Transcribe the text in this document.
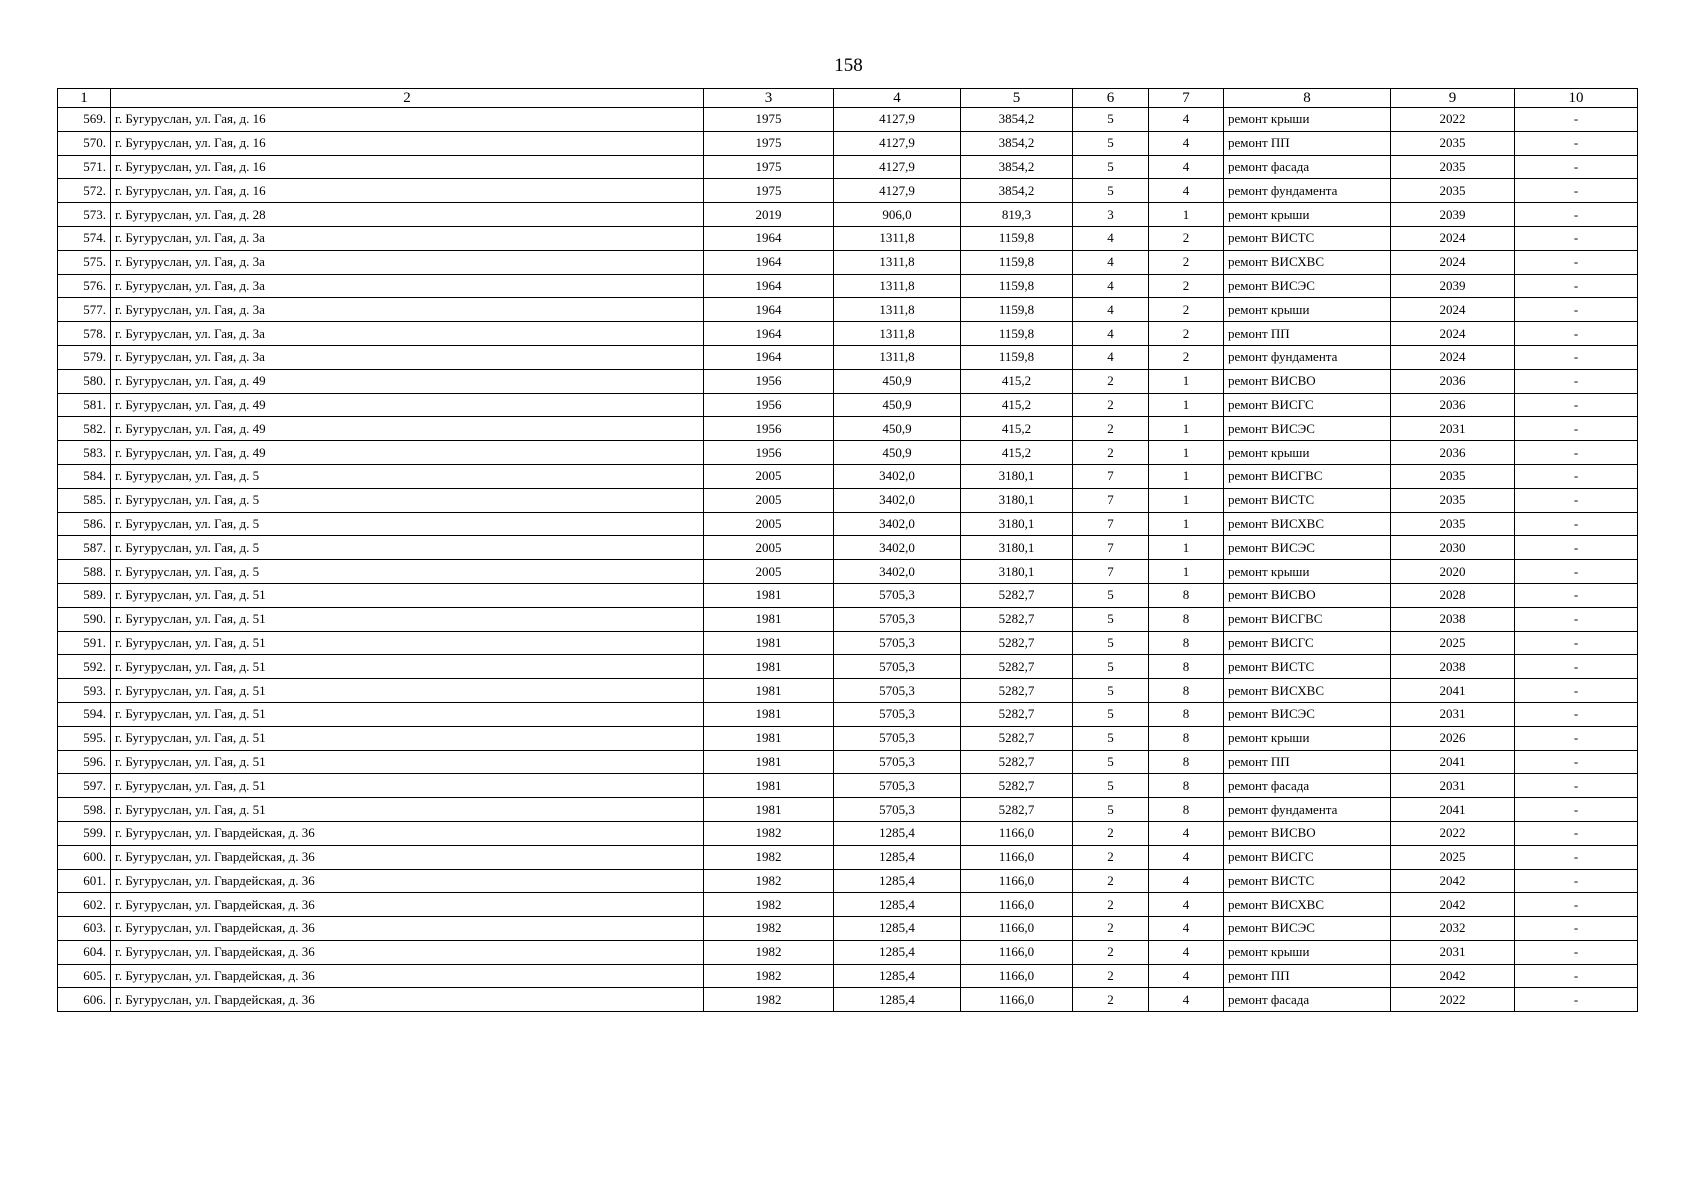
158
1	2	3	4	5	6	7	8	9	10
569.	г. Бугуруслан, ул. Гая, д. 16	1975	4127,9	3854,2	5	4	ремонт крыши	2022	-
570.	г. Бугуруслан, ул. Гая, д. 16	1975	4127,9	3854,2	5	4	ремонт ПП	2035	-
571.	г. Бугуруслан, ул. Гая, д. 16	1975	4127,9	3854,2	5	4	ремонт фасада	2035	-
572.	г. Бугуруслан, ул. Гая, д. 16	1975	4127,9	3854,2	5	4	ремонт фундамента	2035	-
573.	г. Бугуруслан, ул. Гая, д. 28	2019	906,0	819,3	3	1	ремонт крыши	2039	-
574.	г. Бугуруслан, ул. Гая, д. 3а	1964	1311,8	1159,8	4	2	ремонт ВИСТС	2024	-
575.	г. Бугуруслан, ул. Гая, д. 3а	1964	1311,8	1159,8	4	2	ремонт ВИСХВС	2024	-
576.	г. Бугуруслан, ул. Гая, д. 3а	1964	1311,8	1159,8	4	2	ремонт ВИСЭС	2039	-
577.	г. Бугуруслан, ул. Гая, д. 3а	1964	1311,8	1159,8	4	2	ремонт крыши	2024	-
578.	г. Бугуруслан, ул. Гая, д. 3а	1964	1311,8	1159,8	4	2	ремонт ПП	2024	-
579.	г. Бугуруслан, ул. Гая, д. 3а	1964	1311,8	1159,8	4	2	ремонт фундамента	2024	-
580.	г. Бугуруслан, ул. Гая, д. 49	1956	450,9	415,2	2	1	ремонт ВИСВО	2036	-
581.	г. Бугуруслан, ул. Гая, д. 49	1956	450,9	415,2	2	1	ремонт ВИСГС	2036	-
582.	г. Бугуруслан, ул. Гая, д. 49	1956	450,9	415,2	2	1	ремонт ВИСЭС	2031	-
583.	г. Бугуруслан, ул. Гая, д. 49	1956	450,9	415,2	2	1	ремонт крыши	2036	-
584.	г. Бугуруслан, ул. Гая, д. 5	2005	3402,0	3180,1	7	1	ремонт ВИСГВС	2035	-
585.	г. Бугуруслан, ул. Гая, д. 5	2005	3402,0	3180,1	7	1	ремонт ВИСТС	2035	-
586.	г. Бугуруслан, ул. Гая, д. 5	2005	3402,0	3180,1	7	1	ремонт ВИСХВС	2035	-
587.	г. Бугуруслан, ул. Гая, д. 5	2005	3402,0	3180,1	7	1	ремонт ВИСЭС	2030	-
588.	г. Бугуруслан, ул. Гая, д. 5	2005	3402,0	3180,1	7	1	ремонт крыши	2020	-
589.	г. Бугуруслан, ул. Гая, д. 51	1981	5705,3	5282,7	5	8	ремонт ВИСВО	2028	-
590.	г. Бугуруслан, ул. Гая, д. 51	1981	5705,3	5282,7	5	8	ремонт ВИСГВС	2038	-
591.	г. Бугуруслан, ул. Гая, д. 51	1981	5705,3	5282,7	5	8	ремонт ВИСГС	2025	-
592.	г. Бугуруслан, ул. Гая, д. 51	1981	5705,3	5282,7	5	8	ремонт ВИСТС	2038	-
593.	г. Бугуруслан, ул. Гая, д. 51	1981	5705,3	5282,7	5	8	ремонт ВИСХВС	2041	-
594.	г. Бугуруслан, ул. Гая, д. 51	1981	5705,3	5282,7	5	8	ремонт ВИСЭС	2031	-
595.	г. Бугуруслан, ул. Гая, д. 51	1981	5705,3	5282,7	5	8	ремонт крыши	2026	-
596.	г. Бугуруслан, ул. Гая, д. 51	1981	5705,3	5282,7	5	8	ремонт ПП	2041	-
597.	г. Бугуруслан, ул. Гая, д. 51	1981	5705,3	5282,7	5	8	ремонт фасада	2031	-
598.	г. Бугуруслан, ул. Гая, д. 51	1981	5705,3	5282,7	5	8	ремонт фундамента	2041	-
599.	г. Бугуруслан, ул. Гвардейская, д. 36	1982	1285,4	1166,0	2	4	ремонт ВИСВО	2022	-
600.	г. Бугуруслан, ул. Гвардейская, д. 36	1982	1285,4	1166,0	2	4	ремонт ВИСГС	2025	-
601.	г. Бугуруслан, ул. Гвардейская, д. 36	1982	1285,4	1166,0	2	4	ремонт ВИСТС	2042	-
602.	г. Бугуруслан, ул. Гвардейская, д. 36	1982	1285,4	1166,0	2	4	ремонт ВИСХВС	2042	-
603.	г. Бугуруслан, ул. Гвардейская, д. 36	1982	1285,4	1166,0	2	4	ремонт ВИСЭС	2032	-
604.	г. Бугуруслан, ул. Гвардейская, д. 36	1982	1285,4	1166,0	2	4	ремонт крыши	2031	-
605.	г. Бугуруслан, ул. Гвардейская, д. 36	1982	1285,4	1166,0	2	4	ремонт ПП	2042	-
606.	г. Бугуруслан, ул. Гвардейская, д. 36	1982	1285,4	1166,0	2	4	ремонт фасада	2022	-
